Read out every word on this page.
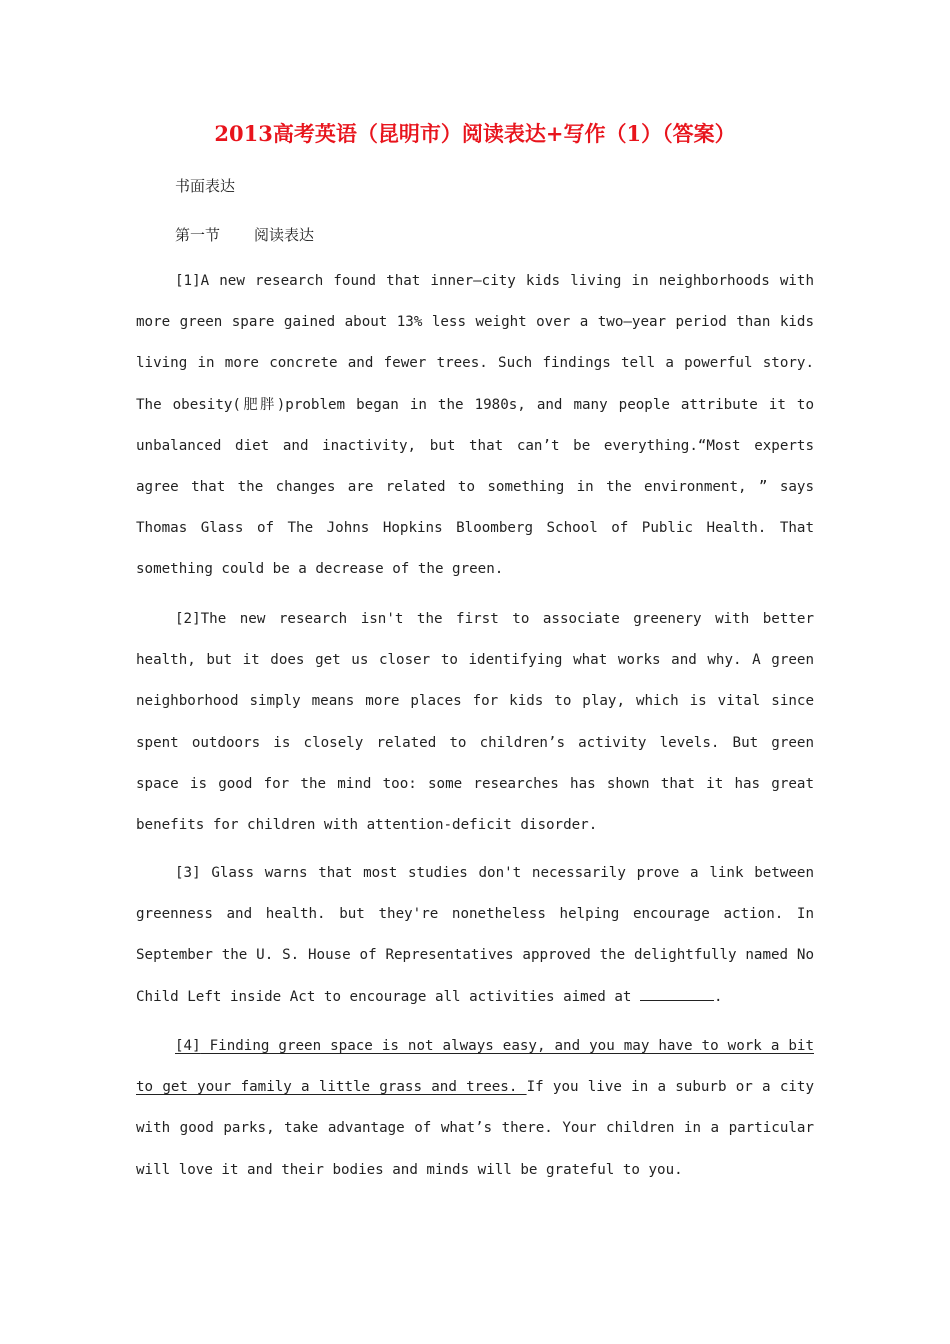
2013高考英语（昆明市）阅读表达+写作（1）（答案）
书面表达
第一节 阅读表达

[1]A new research found that inner—city kids living in neighborhoods with more green spare gained about 13% less weight over a two—year period than kids living in more concrete and fewer trees. Such findings tell a powerful story. The obesity(肥胖)problem began in the 1980s, and many people attribute it to unbalanced diet and inactivity, but that can’t be everything.“Most experts agree that the changes are related to something in the environment, ” says Thomas Glass of The Johns Hopkins Bloomberg School of Public Health. That something could be a decrease of the green.

[2]The new research isn't the first to associate greenery with better health, but it does get us closer to identifying what works and why. A green neighborhood simply means more places for kids to play, which is vital since spent outdoors is closely related to children’s activity levels. But green space is good for the mind too: some researches has shown that it has great benefits for children with attention-deficit disorder.

[3] Glass warns that most studies don't necessarily prove a link between greenness and health. but they're nonetheless helping encourage action. In September the U. S. House of Representatives approved the delightfully named No Child Left inside Act to encourage all activities aimed at	.

[4] Finding green space is not always easy, and you may have to work a bit to get your family a little grass and trees. If you live in a suburb or a city with good parks, take advantage of what’s there. Your children in a particular will love it and their bodies and minds will be grateful to you.
